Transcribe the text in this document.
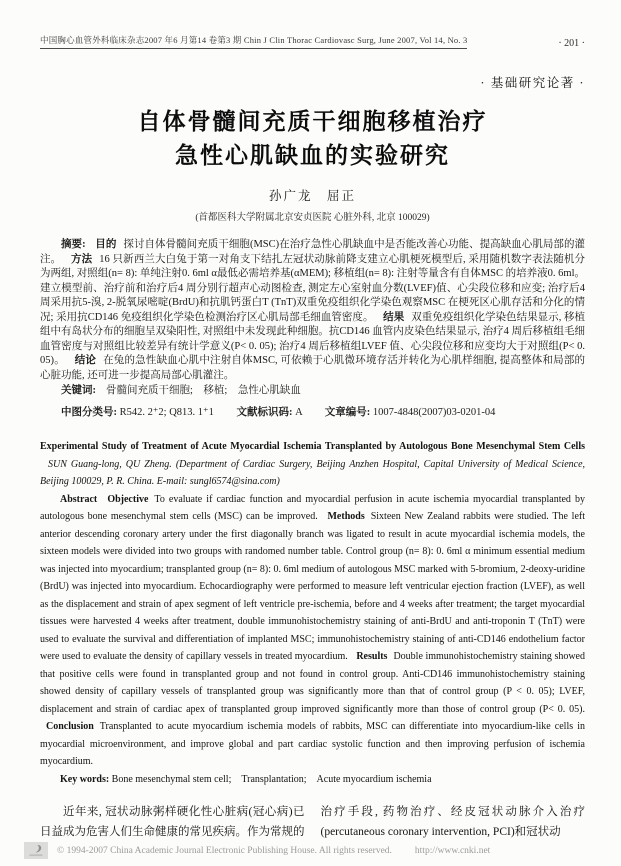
中国胸心血管外科临床杂志2007 年6 月第14 卷第3 期 Chin J Clin Thorac Cardiovasc Surg, June 2007, Vol 14, No. 3	· 201 ·
· 基础研究论著 ·
自体骨髓间充质干细胞移植治疗
急性心肌缺血的实验研究
孙广龙　屈正
(首都医科大学附属北京安贞医院 心脏外科, 北京 100029)

摘要: 目的 探讨自体骨髓间充质干细胞(MSC)在治疗急性心肌缺血中是否能改善心功能、提高缺血心肌局部的灌注。 方法 16 只新西兰大白兔于第一对角支下结扎左冠状动脉前降支建立心肌梗死模型后, 采用随机数字表法随机分为两组, 对照组(n= 8): 单纯注射0. 6ml α最低必需培养基(αMEM); 移植组(n= 8): 注射等量含有自体MSC 的培养液0. 6ml。建立模型前、治疗前和治疗后4 周分别行超声心动图检查, 测定左心室射血分数(LVEF)值、心尖段位移和应变; 治疗后4 周采用抗5-溴, 2-脱氧尿嘧啶(BrdU)和抗肌钙蛋白T (TnT)双重免疫组织化学染色观察MSC 在梗死区心肌存活和分化的情况; 采用抗CD146 免疫组织化学染色检测治疗区心肌局部毛细血管密度。 结果 双重免疫组织化学染色结果显示, 移植组中有岛状分布的细胞呈双染阳性, 对照组中未发现此种细胞。抗CD146 血管内皮染色结果显示, 治疗4 周后移植组毛细血管密度与对照组比较差异有统计学意义(P< 0. 05); 治疗4 周后移植组LVEF 值、心尖段位移和应变均大于对照组(P< 0. 05)。 结论 在兔的急性缺血心肌中注射自体MSC, 可依赖于心肌微环境存活并转化为心肌样细胞, 提高整体和局部的心脏功能, 还可进一步提高局部心肌灌注。

关键词: 骨髓间充质干细胞;　移植;　急性心肌缺血

中图分类号: R542. 2⁺2; Q813. 1⁺1 文献标识码: A 文章编号: 1007-4848(2007)03-0201-04

Experimental Study of Treatment of Acute Myocardial Ischemia Transplanted by Autologous Bone Mesenchymal Stem Cells SUN Guang-long, QU Zheng. (Department of Cardiac Surgery, Beijing Anzhen Hospital, Capital University of Medical Science, Beijing 100029, P. R. China. E-mail: sungl6574@sina.com)

Abstract Objective To evaluate if cardiac function and myocardial perfusion in acute ischemia myocardial transplanted by autologous bone mesenchymal stem cells (MSC) can be improved. Methods Sixteen New Zealand rabbits were studied. The left anterior descending coronary artery under the first diagonally branch was ligated to result in acute myocardial ischemia models, the sixteen models were divided into two groups with randomed number table. Control group (n= 8): 0. 6ml α minimum essential medium was injected into myocardium; transplanted group (n= 8): 0. 6ml medium of autologous MSC marked with 5-bromium, 2-deoxy-uridine (BrdU) was injected into myocardium. Echocardiography were performed to measure left ventricular ejection fraction (LVEF), as well as the displacement and strain of apex segment of left ventricle pre-ischemia, before and 4 weeks after treatment; the target myocardial tissues were harvested 4 weeks after treatment, double immunohistochemistry staining of anti-BrdU and anti-troponin T (TnT) were used to evaluate the survival and differentiation of implanted MSC; immunohistochemistry staining of anti-CD146 endothelium factor were used to evaluate the density of capillary vessels in treated myocardium. Results Double immunohistochemistry staining showed that positive cells were found in transplanted group and not found in control group. Anti-CD146 immunohistochemistry staining showed density of capillary vessels of transplanted group was significantly more than that of control group (P < 0. 05); LVEF, displacement and strain of cardiac apex of transplanted group improved significantly more than those of control group (P< 0. 05). Conclusion Transplanted to acute myocardium ischemia models of rabbits, MSC can differentiate into myocardium-like cells in myocardial microenvironment, and improve global and part cardiac systolic function and then improving perfusion of ischemia myocardium.

Key words: Bone mesenchymal stem cell;　Transplantation;　Acute myocardium ischemia

近年来, 冠状动脉粥样硬化性心脏病(冠心病)已日益成为危害人们生命健康的常见疾病。作为常规的

治疗手段, 药物治疗、经皮冠状动脉介入治疗 (percutaneous coronary intervention, PCI)和冠状动

© 1994-2007 China Academic Journal Electronic Publishing House. All rights reserved. http://www.cnki.net
